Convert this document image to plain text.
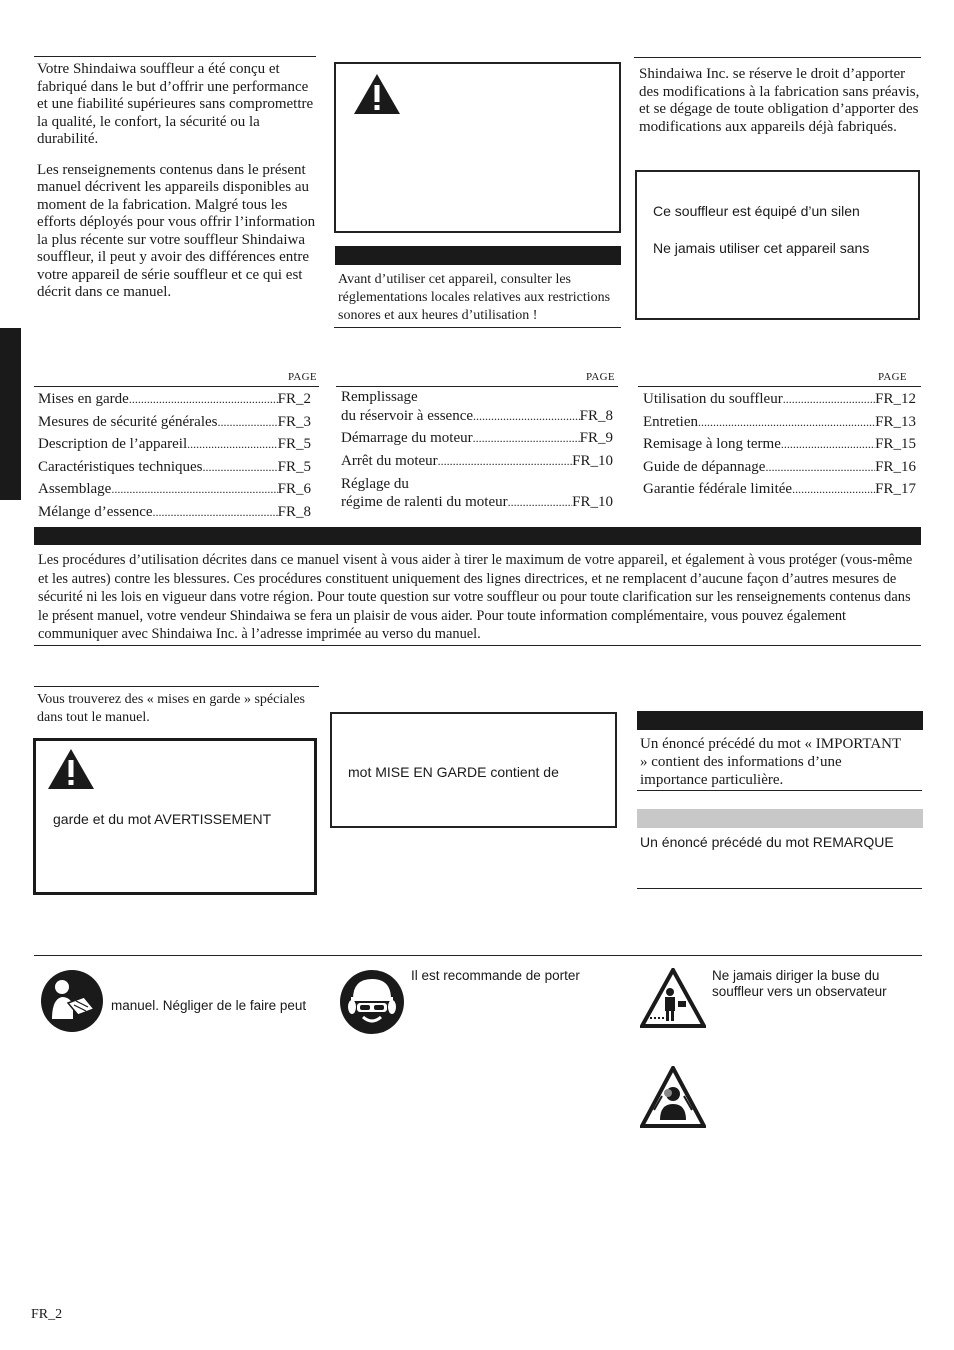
Votre Shindaiwa souffleur a été conçu et fabriqué dans le but d’offrir une performance et une fiabilité supérieures sans compromettre la qualité, le confort, la sécurité ou la durabilité.

Les renseignements contenus dans le présent manuel décrivent les appareils disponibles au moment de la fabrication. Malgré tous les efforts déployés pour vous offrir l’information la plus récente sur votre souffleur Shindaiwa souffleur, il peut y avoir des différences entre votre appareil de série souffleur et ce qui est décrit dans ce manuel.

Avant d’utiliser cet appareil, consulter les réglementations locales relatives aux restrictions sonores et aux heures d’utilisation !
Shindaiwa Inc. se réserve le droit d’apporter des modifications à la fabrication sans préavis, et se dégage de toute obligation d’apporter des modifications aux appareils déjà fabriqués.
Ce souffleur est équipé d’un silen
Ne jamais utiliser cet appareil sans
PAGE	PAGE	PAGE
Mises en garde .....	FR_2
Mesures de sécurité générales .....	FR_3
Description de l’appareil .....	FR_5
Caractéristiques techniques .....	FR_5
Assemblage .....	FR_6
Mélange d’essence .....	FR_8
Remplissage
du réservoir à essence .....	FR_8
Démarrage du moteur .....	FR_9
Arrêt du moteur .....	FR_10
Réglage du
régime de ralenti du moteur .....	FR_10
Utilisation du souffleur .....	FR_12
Entretien .....	FR_13
Remisage à long terme .....	FR_15
Guide de dépannage .....	FR_16
Garantie fédérale limitée .....	FR_17
Les procédures d’utilisation décrites dans ce manuel visent à vous aider à tirer le maximum de votre appareil, et également à vous protéger (vous-même et les autres) contre les blessures. Ces procédures constituent uniquement des lignes directrices, et ne remplacent d’aucune façon d’autres mesures de sécurité ni les lois en vigueur dans votre région. Pour toute question sur votre souffleur ou pour toute clarification sur les renseignements contenus dans le présent manuel, votre vendeur Shindaiwa se fera un plaisir de vous aider. Pour toute information complémentaire, vous pouvez également communiquer avec Shindaiwa Inc. à l’adresse imprimée au verso du manuel.
Vous trouverez des « mises en garde » spéciales dans tout le manuel.
garde et du mot AVERTISSEMENT
mot MISE EN GARDE contient de
Un énoncé précédé du mot « IMPORTANT » contient des informations d’une importance particulière.
Un énoncé précédé du mot REMARQUE
manuel. Négliger de le faire peut
Il est recommande de porter	Ne jamais diriger la buse du souffleur vers un observateur
FR_2
